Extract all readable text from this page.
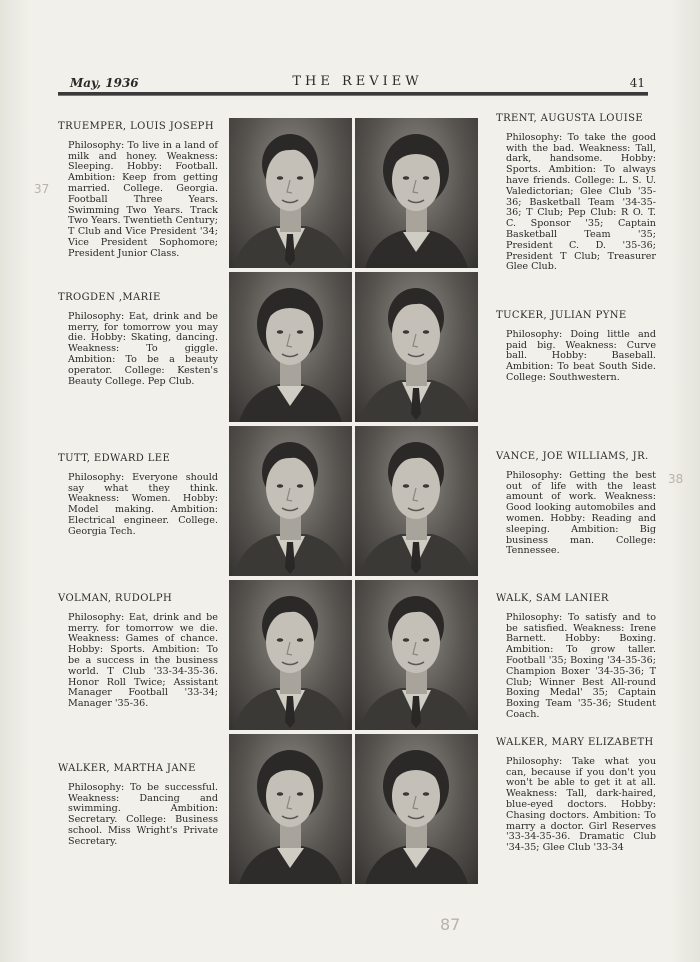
May, 1936	THE REVIEW	41
TRUEMPER, LOUIS JOSEPH
Philosophy: To live in a land of milk and honey. Weakness: Sleeping. Hobby: Football. Ambition: Keep from getting married. College. Georgia. Football Three Years. Swimming Two Years. Track Two Years. Twentieth Century; T Club and Vice President '34; Vice President Sophomore; President Junior Class.
TROGDEN ,MARIE
Philosophy: Eat, drink and be merry, for tomorrow you may die. Hobby: Skating, dancing. Weakness: To giggle. Ambition: To be a beauty operator. College: Kesten's Beauty College. Pep Club.
TUTT, EDWARD LEE
Philosophy: Everyone should say what they think. Weakness: Women. Hobby: Model making. Ambition: Electrical engineer. College. Georgia Tech.
VOLMAN, RUDOLPH
Philosophy: Eat, drink and be merry. for tomorrow we die. Weakness: Games of chance. Hobby: Sports. Ambition: To be a success in the business world. T Club '33-34-35-36. Honor Roll Twice; Assistant Manager Football '33-34; Manager '35-36.
WALKER, MARTHA JANE
Philosophy: To be successful. Weakness: Dancing and swimming. Ambition: Secretary. College: Business school. Miss Wright's Private Secretary.
TRENT, AUGUSTA LOUISE
Philosophy: To take the good with the bad. Weakness: Tall, dark, handsome. Hobby: Sports. Ambition: To always have friends. College: L. S. U. Valedictorian; Glee Club '35-36; Basketball Team '34-35-36; T Club; Pep Club: R O. T. C. Sponsor '35; Captain Basketball Team '35; President C. D. '35-36; President T Club; Treasurer Glee Club.
TUCKER, JULIAN PYNE
Philosophy: Doing little and paid big. Weakness: Curve ball. Hobby: Baseball. Ambition: To beat South Side. College: Southwestern.
VANCE, JOE WILLIAMS, JR.
Philosophy: Getting the best out of life with the least amount of work. Weakness: Good looking automobiles and women. Hobby: Reading and sleeping. Ambition: Big business man. College: Tennessee.
WALK, SAM LANIER
Philosophy: To satisfy and to be satisfied. Weakness: Irene Barnett. Hobby: Boxing. Ambition: To grow taller. Football '35; Boxing '34-35-36; Champion Boxer '34-35-36; T Club; Winner Best All-round Boxing Medal' 35; Captain Boxing Team '35-36; Student Coach.
WALKER, MARY ELIZABETH
Philosophy: Take what you can, because if you don't you won't be able to get it at all. Weakness: Tall, dark-haired, blue-eyed doctors. Hobby: Chasing doctors. Ambition: To marry a doctor. Girl Reserves '33-34-35-36. Dramatic Club '34-35; Glee Club '33-34
37
38
87
